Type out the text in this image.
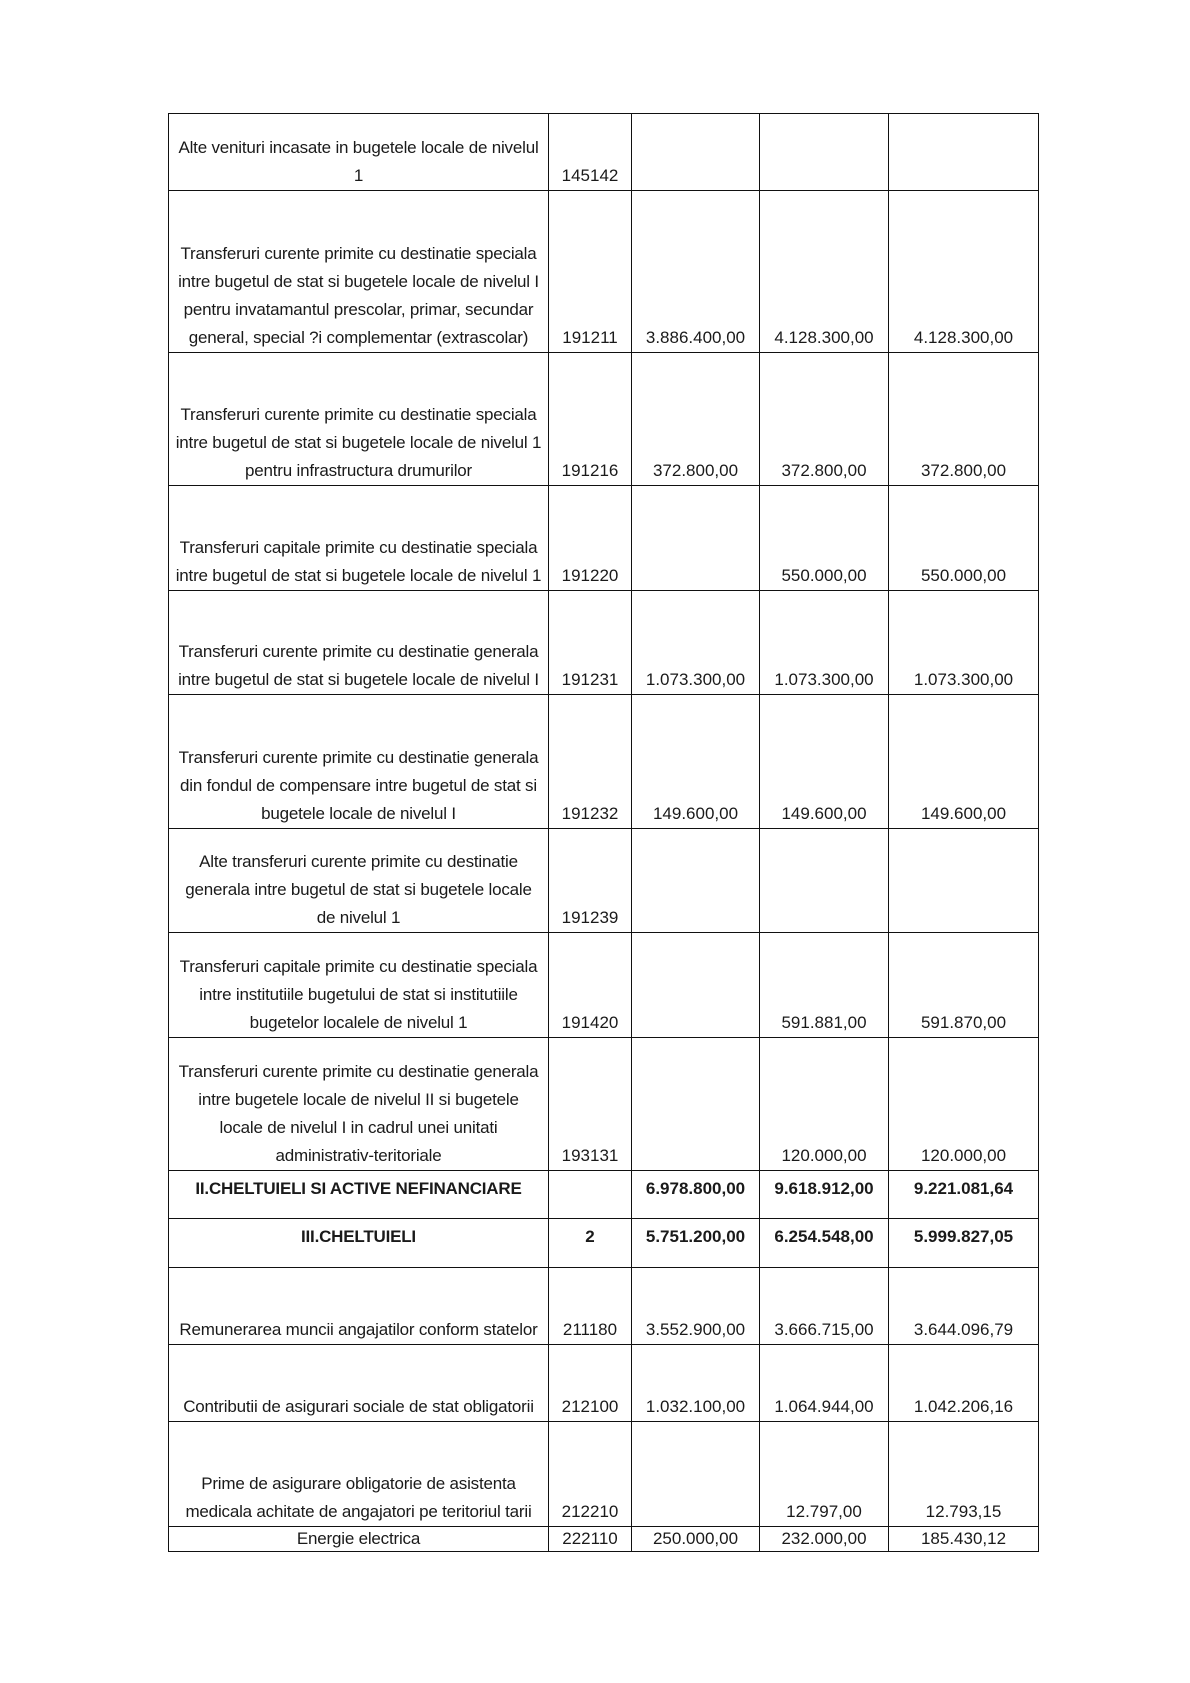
Alte venituri incasate in bugetele locale de nivelul 1	145142			
Transferuri curente primite cu destinatie speciala intre bugetul de stat si bugetele locale de nivelul I pentru invatamantul prescolar, primar, secundar general, special ?i complementar (extrascolar)	191211	3.886.400,00	4.128.300,00	4.128.300,00
Transferuri curente primite cu destinatie speciala intre bugetul de stat si bugetele locale de nivelul 1 pentru infrastructura drumurilor	191216	372.800,00	372.800,00	372.800,00
Transferuri capitale primite cu destinatie speciala intre bugetul de stat si bugetele locale de nivelul 1	191220		550.000,00	550.000,00
Transferuri curente primite cu destinatie generala intre bugetul de stat si bugetele locale de nivelul I	191231	1.073.300,00	1.073.300,00	1.073.300,00
Transferuri curente primite cu destinatie generala din fondul de compensare intre bugetul de stat si bugetele locale de nivelul I	191232	149.600,00	149.600,00	149.600,00
Alte transferuri curente primite cu destinatie generala intre bugetul de stat si bugetele locale de nivelul 1	191239			
Transferuri capitale primite cu destinatie speciala intre institutiile bugetului de stat si institutiile bugetelor localele de nivelul 1	191420		591.881,00	591.870,00
Transferuri curente primite cu destinatie generala intre bugetele locale de nivelul II si bugetele locale de nivelul I in cadrul unei unitati administrativ-teritoriale	193131		120.000,00	120.000,00
II.CHELTUIELI SI ACTIVE NEFINANCIARE		6.978.800,00	9.618.912,00	9.221.081,64
III.CHELTUIELI	2	5.751.200,00	6.254.548,00	5.999.827,05
Remunerarea muncii angajatilor conform statelor	211180	3.552.900,00	3.666.715,00	3.644.096,79
Contributii de asigurari sociale de stat obligatorii	212100	1.032.100,00	1.064.944,00	1.042.206,16
Prime de asigurare obligatorie de asistenta medicala achitate de angajatori pe teritoriul tarii	212210		12.797,00	12.793,15
Energie electrica	222110	250.000,00	232.000,00	185.430,12
